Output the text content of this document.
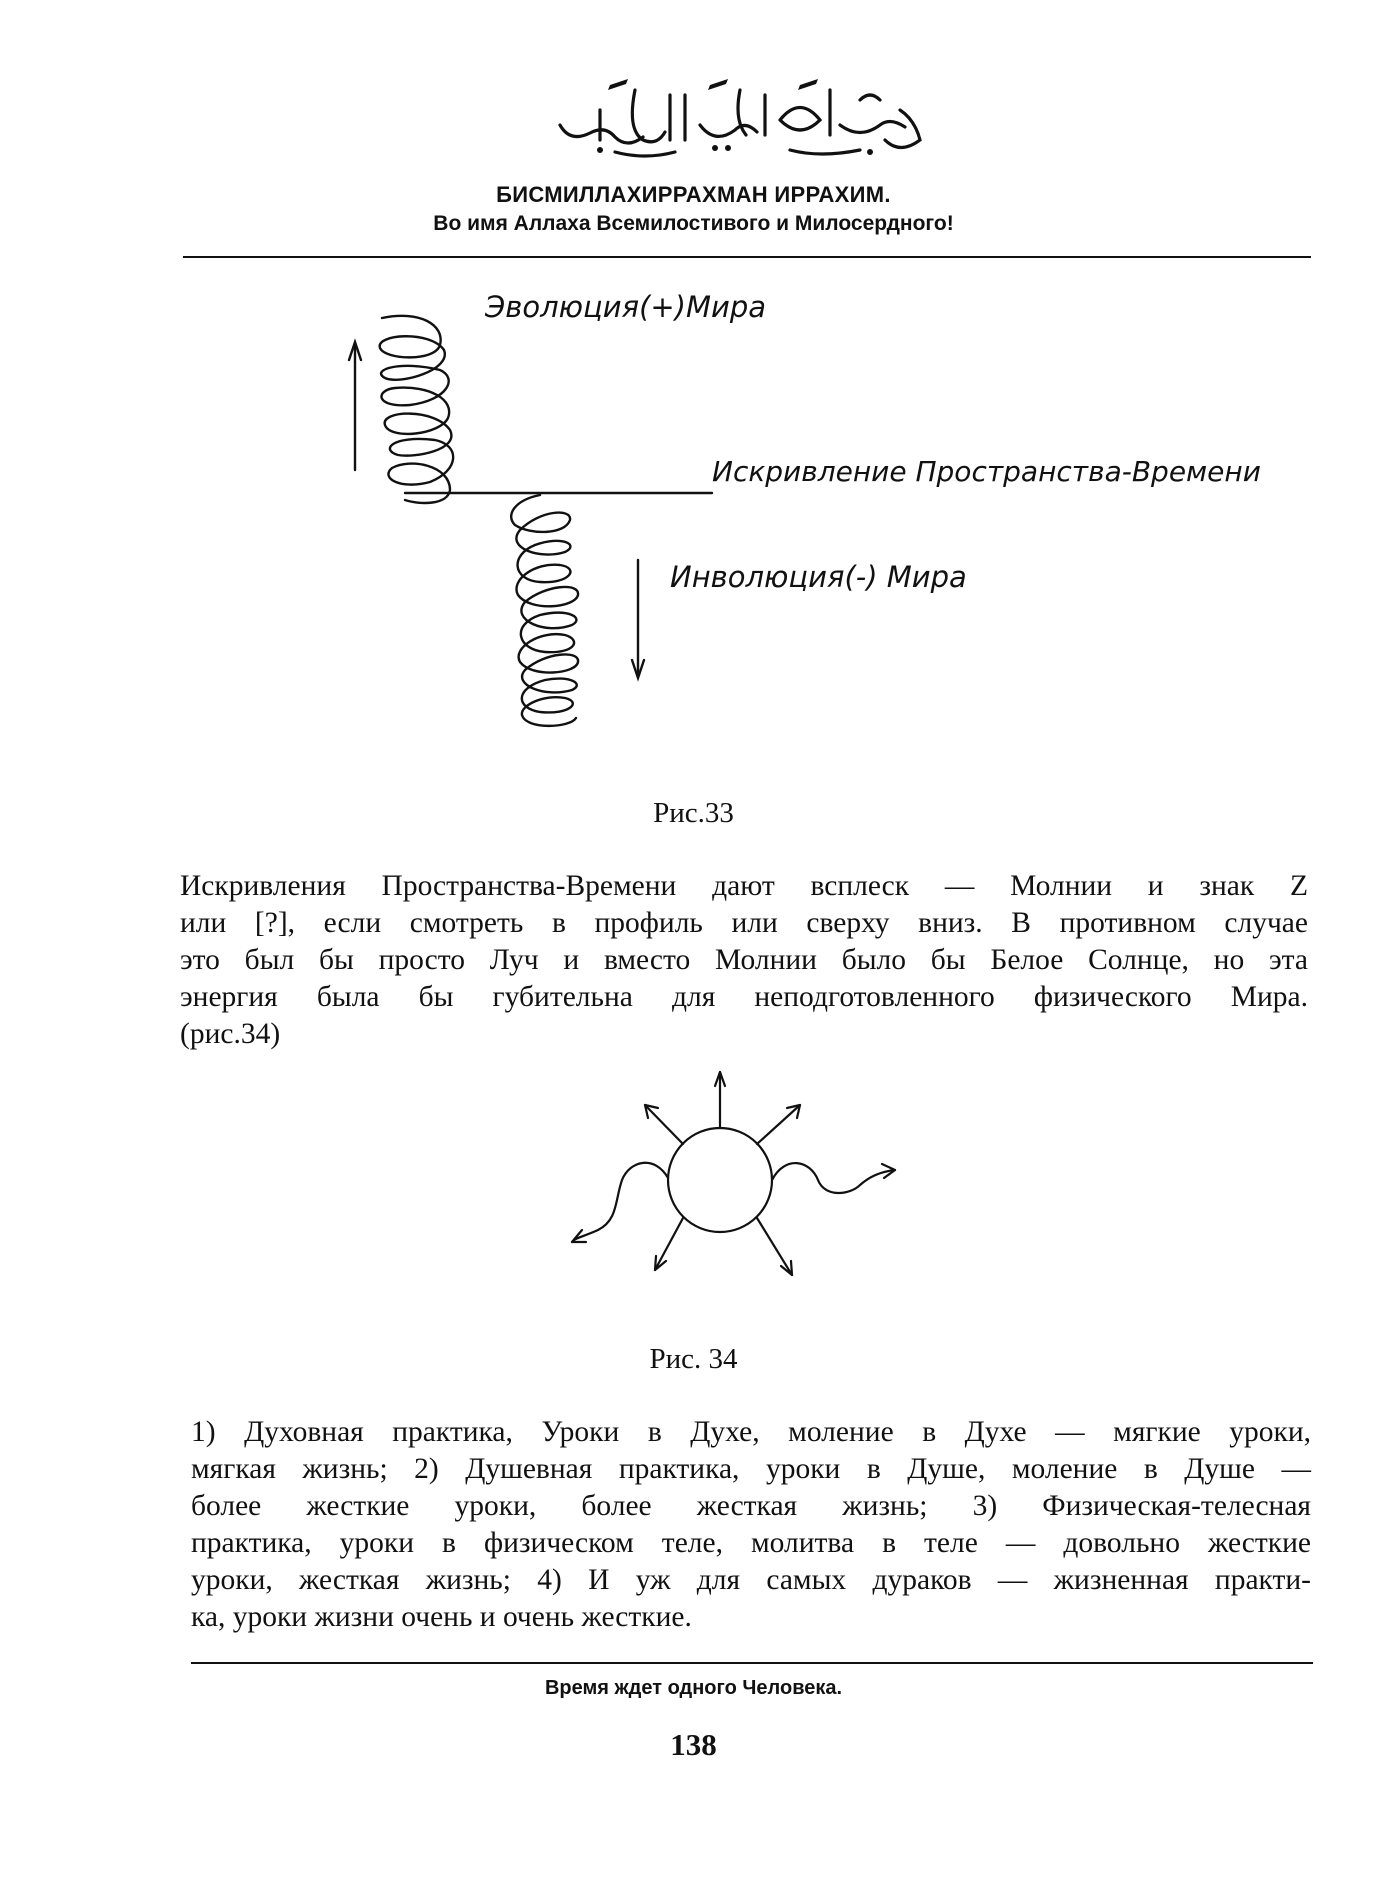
БИСМИЛЛАХИРРАХМАН ИРРАХИМ.
Во имя Аллаха Всемилостивого и Милосердного!
Эволюция(+)Мира
Искривление Пространства-Времени
Инволюция(-) Мира
Рис.33
Искривления Пространства-Времени дают всплеск — Молнии и знак Z
или [?], если смотреть в профиль или сверху вниз. В противном случае
это был бы просто Луч и вместо Молнии было бы Белое Солнце, но эта
энергия была бы губительна для неподготовленного физического Мира.
(рис.34)
Рис. 34
1) Духовная практика, Уроки в Духе, моление в Духе — мягкие уроки,
мягкая жизнь; 2) Душевная практика, уроки в Душе, моление в Душе —
более жесткие уроки, более жесткая жизнь; 3) Физическая-телесная
практика, уроки в физическом теле, молитва в теле — довольно жесткие
уроки, жесткая жизнь; 4) И уж для самых дураков — жизненная практи-
ка, уроки жизни очень и очень жесткие.
Время ждет одного Человека.
138
